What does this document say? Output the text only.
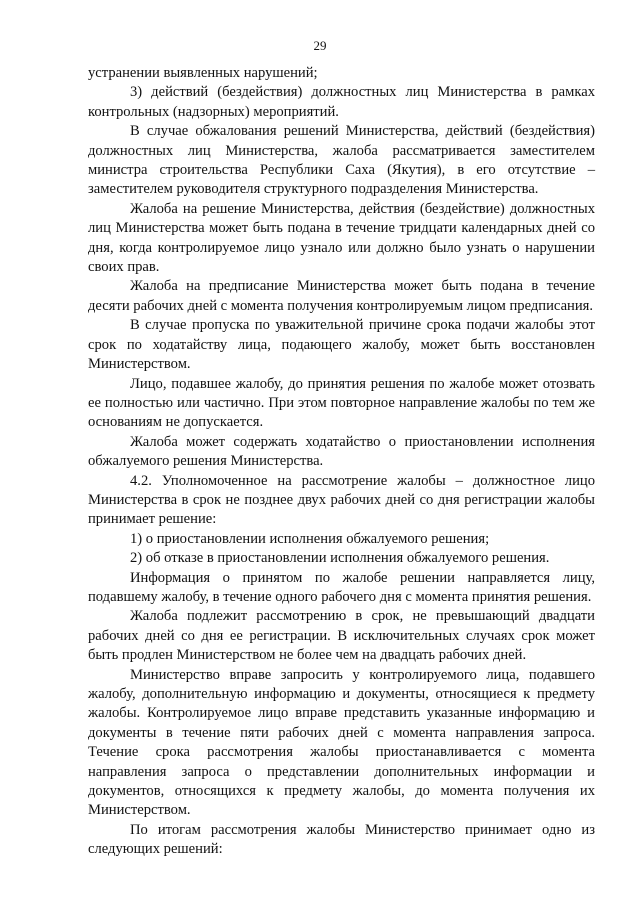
29

устранении выявленных нарушений;

3) действий (бездействия) должностных лиц Министерства в рамках контрольных (надзорных) мероприятий.

В случае обжалования решений Министерства, действий (бездействия) должностных лиц Министерства, жалоба рассматривается заместителем министра строительства Республики Саха (Якутия), в его отсутствие – заместителем руководителя структурного подразделения Министерства.

Жалоба на решение Министерства, действия (бездействие) должностных лиц Министерства может быть подана в течение тридцати календарных дней со дня, когда контролируемое лицо узнало или должно было узнать о нарушении своих прав.

Жалоба на предписание Министерства может быть подана в течение десяти рабочих дней с момента получения контролируемым лицом предписания.

В случае пропуска по уважительной причине срока подачи жалобы этот срок по ходатайству лица, подающего жалобу, может быть восстановлен Министерством.

Лицо, подавшее жалобу, до принятия решения по жалобе может отозвать ее полностью или частично. При этом повторное направление жалобы по тем же основаниям не допускается.

Жалоба может содержать ходатайство о приостановлении исполнения обжалуемого решения Министерства.

4.2. Уполномоченное на рассмотрение жалобы – должностное лицо Министерства в срок не позднее двух рабочих дней со дня регистрации жалобы принимает решение:

1) о приостановлении исполнения обжалуемого решения;

2) об отказе в приостановлении исполнения обжалуемого решения.

Информация о принятом по жалобе решении направляется лицу, подавшему жалобу, в течение одного рабочего дня с момента принятия решения.

Жалоба подлежит рассмотрению в срок, не превышающий двадцати рабочих дней со дня ее регистрации. В исключительных случаях срок может быть продлен Министерством не более чем на двадцать рабочих дней.

Министерство вправе запросить у контролируемого лица, подавшего жалобу, дополнительную информацию и документы, относящиеся к предмету жалобы. Контролируемое лицо вправе представить указанные информацию и документы в течение пяти рабочих дней с момента направления запроса. Течение срока рассмотрения жалобы приостанавливается с момента направления запроса о представлении дополнительных информации и документов, относящихся к предмету жалобы, до момента получения их Министерством.

По итогам рассмотрения жалобы Министерство принимает одно из следующих решений:
